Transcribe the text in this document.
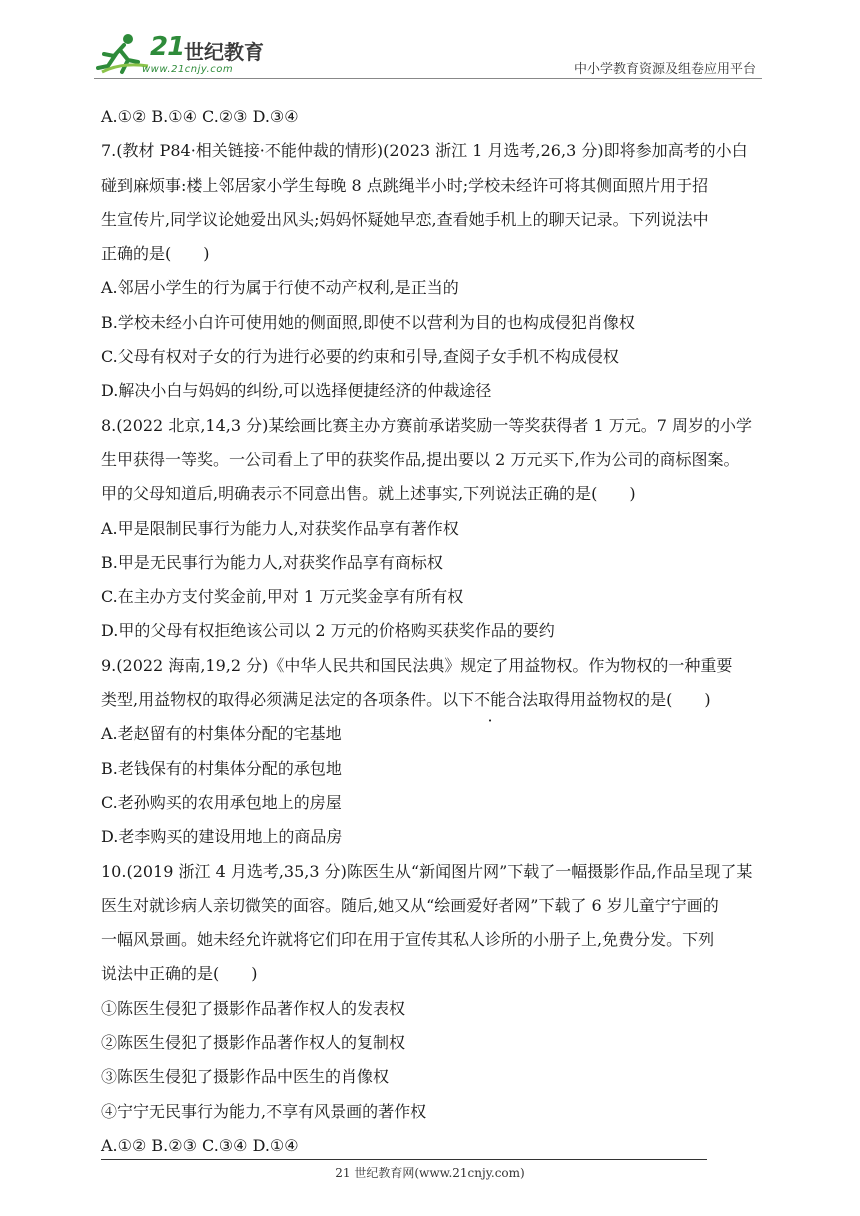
21 世纪教育
www.21cnjy.com	中小学教育资源及组卷应用平台
A.①② B.①④ C.②③ D.③④
7.(教材 P84·相关链接·不能仲裁的情形)(2023 浙江 1 月选考,26,3 分)即将参加高考的小白
碰到麻烦事:楼上邻居家小学生每晚 8 点跳绳半小时;学校未经许可将其侧面照片用于招
生宣传片,同学议论她爱出风头;妈妈怀疑她早恋,查看她手机上的聊天记录。下列说法中
正确的是(　　)
A.邻居小学生的行为属于行使不动产权利,是正当的
B.学校未经小白许可使用她的侧面照,即使不以营利为目的也构成侵犯肖像权
C.父母有权对子女的行为进行必要的约束和引导,查阅子女手机不构成侵权
D.解决小白与妈妈的纠纷,可以选择便捷经济的仲裁途径
8.(2022 北京,14,3 分)某绘画比赛主办方赛前承诺奖励一等奖获得者 1 万元。7 周岁的小学
生甲获得一等奖。一公司看上了甲的获奖作品,提出要以 2 万元买下,作为公司的商标图案。
甲的父母知道后,明确表示不同意出售。就上述事实,下列说法正确的是(　　)
A.甲是限制民事行为能力人,对获奖作品享有著作权
B.甲是无民事行为能力人,对获奖作品享有商标权
C.在主办方支付奖金前,甲对 1 万元奖金享有所有权
D.甲的父母有权拒绝该公司以 2 万元的价格购买获奖作品的要约
9.(2022 海南,19,2 分)《中华人民共和国民法典》规定了用益物权。作为物权的一种重要
类型,用益物权的取得必须满足法定的各项条件。以下不能合法取得用益物权的是(　　)
A.老赵留有的村集体分配的宅基地
B.老钱保有的村集体分配的承包地
C.老孙购买的农用承包地上的房屋
D.老李购买的建设用地上的商品房
10.(2019 浙江 4 月选考,35,3 分)陈医生从“新闻图片网”下载了一幅摄影作品,作品呈现了某
医生对就诊病人亲切微笑的面容。随后,她又从“绘画爱好者网”下载了 6 岁儿童宁宁画的
一幅风景画。她未经允许就将它们印在用于宣传其私人诊所的小册子上,免费分发。下列
说法中正确的是(　　)
①陈医生侵犯了摄影作品著作权人的发表权
②陈医生侵犯了摄影作品著作权人的复制权
③陈医生侵犯了摄影作品中医生的肖像权
④宁宁无民事行为能力,不享有风景画的著作权
A.①② B.②③ C.③④ D.①④
21 世纪教育网(www.21cnjy.com)
